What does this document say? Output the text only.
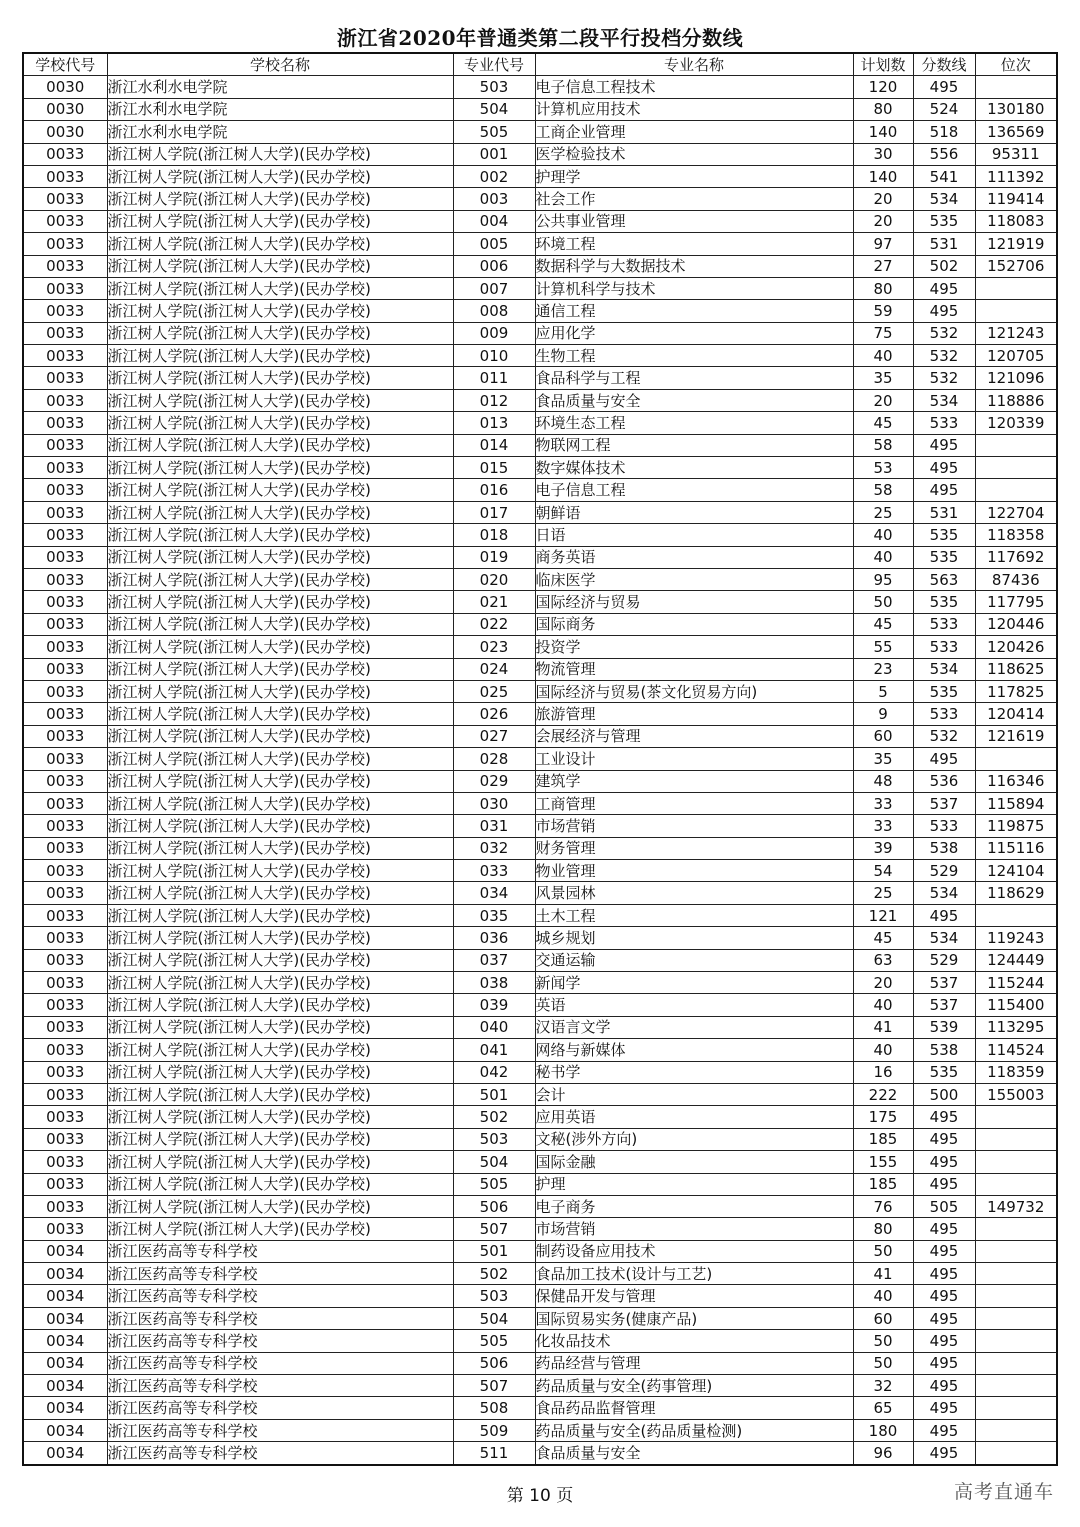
浙江省2020年普通类第二段平行投档分数线
学校代号	学校名称	专业代号	专业名称	计划数	分数线	位次
0030	浙江水利水电学院	503	电子信息工程技术	120	495	
0030	浙江水利水电学院	504	计算机应用技术	80	524	130180
0030	浙江水利水电学院	505	工商企业管理	140	518	136569
0033	浙江树人学院(浙江树人大学)(民办学校)	001	医学检验技术	30	556	95311
0033	浙江树人学院(浙江树人大学)(民办学校)	002	护理学	140	541	111392
0033	浙江树人学院(浙江树人大学)(民办学校)	003	社会工作	20	534	119414
0033	浙江树人学院(浙江树人大学)(民办学校)	004	公共事业管理	20	535	118083
0033	浙江树人学院(浙江树人大学)(民办学校)	005	环境工程	97	531	121919
0033	浙江树人学院(浙江树人大学)(民办学校)	006	数据科学与大数据技术	27	502	152706
0033	浙江树人学院(浙江树人大学)(民办学校)	007	计算机科学与技术	80	495	
0033	浙江树人学院(浙江树人大学)(民办学校)	008	通信工程	59	495	
0033	浙江树人学院(浙江树人大学)(民办学校)	009	应用化学	75	532	121243
0033	浙江树人学院(浙江树人大学)(民办学校)	010	生物工程	40	532	120705
0033	浙江树人学院(浙江树人大学)(民办学校)	011	食品科学与工程	35	532	121096
0033	浙江树人学院(浙江树人大学)(民办学校)	012	食品质量与安全	20	534	118886
0033	浙江树人学院(浙江树人大学)(民办学校)	013	环境生态工程	45	533	120339
0033	浙江树人学院(浙江树人大学)(民办学校)	014	物联网工程	58	495	
0033	浙江树人学院(浙江树人大学)(民办学校)	015	数字媒体技术	53	495	
0033	浙江树人学院(浙江树人大学)(民办学校)	016	电子信息工程	58	495	
0033	浙江树人学院(浙江树人大学)(民办学校)	017	朝鲜语	25	531	122704
0033	浙江树人学院(浙江树人大学)(民办学校)	018	日语	40	535	118358
0033	浙江树人学院(浙江树人大学)(民办学校)	019	商务英语	40	535	117692
0033	浙江树人学院(浙江树人大学)(民办学校)	020	临床医学	95	563	87436
0033	浙江树人学院(浙江树人大学)(民办学校)	021	国际经济与贸易	50	535	117795
0033	浙江树人学院(浙江树人大学)(民办学校)	022	国际商务	45	533	120446
0033	浙江树人学院(浙江树人大学)(民办学校)	023	投资学	55	533	120426
0033	浙江树人学院(浙江树人大学)(民办学校)	024	物流管理	23	534	118625
0033	浙江树人学院(浙江树人大学)(民办学校)	025	国际经济与贸易(茶文化贸易方向)	5	535	117825
0033	浙江树人学院(浙江树人大学)(民办学校)	026	旅游管理	9	533	120414
0033	浙江树人学院(浙江树人大学)(民办学校)	027	会展经济与管理	60	532	121619
0033	浙江树人学院(浙江树人大学)(民办学校)	028	工业设计	35	495	
0033	浙江树人学院(浙江树人大学)(民办学校)	029	建筑学	48	536	116346
0033	浙江树人学院(浙江树人大学)(民办学校)	030	工商管理	33	537	115894
0033	浙江树人学院(浙江树人大学)(民办学校)	031	市场营销	33	533	119875
0033	浙江树人学院(浙江树人大学)(民办学校)	032	财务管理	39	538	115116
0033	浙江树人学院(浙江树人大学)(民办学校)	033	物业管理	54	529	124104
0033	浙江树人学院(浙江树人大学)(民办学校)	034	风景园林	25	534	118629
0033	浙江树人学院(浙江树人大学)(民办学校)	035	土木工程	121	495	
0033	浙江树人学院(浙江树人大学)(民办学校)	036	城乡规划	45	534	119243
0033	浙江树人学院(浙江树人大学)(民办学校)	037	交通运输	63	529	124449
0033	浙江树人学院(浙江树人大学)(民办学校)	038	新闻学	20	537	115244
0033	浙江树人学院(浙江树人大学)(民办学校)	039	英语	40	537	115400
0033	浙江树人学院(浙江树人大学)(民办学校)	040	汉语言文学	41	539	113295
0033	浙江树人学院(浙江树人大学)(民办学校)	041	网络与新媒体	40	538	114524
0033	浙江树人学院(浙江树人大学)(民办学校)	042	秘书学	16	535	118359
0033	浙江树人学院(浙江树人大学)(民办学校)	501	会计	222	500	155003
0033	浙江树人学院(浙江树人大学)(民办学校)	502	应用英语	175	495	
0033	浙江树人学院(浙江树人大学)(民办学校)	503	文秘(涉外方向)	185	495	
0033	浙江树人学院(浙江树人大学)(民办学校)	504	国际金融	155	495	
0033	浙江树人学院(浙江树人大学)(民办学校)	505	护理	185	495	
0033	浙江树人学院(浙江树人大学)(民办学校)	506	电子商务	76	505	149732
0033	浙江树人学院(浙江树人大学)(民办学校)	507	市场营销	80	495	
0034	浙江医药高等专科学校	501	制药设备应用技术	50	495	
0034	浙江医药高等专科学校	502	食品加工技术(设计与工艺)	41	495	
0034	浙江医药高等专科学校	503	保健品开发与管理	40	495	
0034	浙江医药高等专科学校	504	国际贸易实务(健康产品)	60	495	
0034	浙江医药高等专科学校	505	化妆品技术	50	495	
0034	浙江医药高等专科学校	506	药品经营与管理	50	495	
0034	浙江医药高等专科学校	507	药品质量与安全(药事管理)	32	495	
0034	浙江医药高等专科学校	508	食品药品监督管理	65	495	
0034	浙江医药高等专科学校	509	药品质量与安全(药品质量检测)	180	495	
0034	浙江医药高等专科学校	511	食品质量与安全	96	495	
第 10 页	高考直通车
